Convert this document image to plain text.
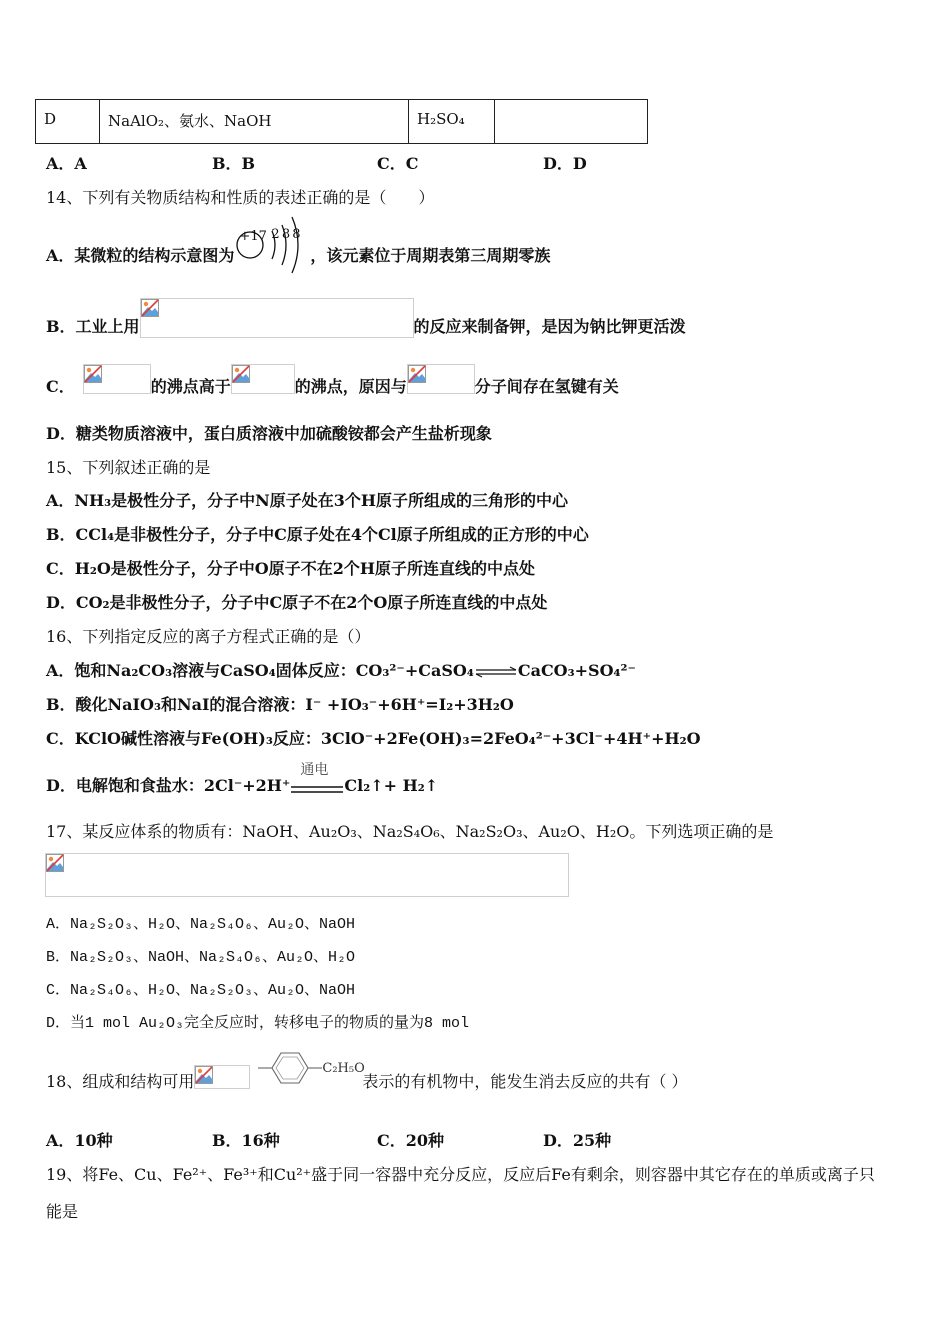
D	NaAlO₂、氨水、NaOH	H₂SO₄	
A．A	B．B	C．C	D．D
14、下列有关物质结构和性质的表述正确的是（　　）
A．某微粒的结构示意图为
+17 2 8 8
，该元素位于周期表第三周期零族
B．工业上用	的反应来制备钾，是因为钠比钾更活泼
C．	的沸点高于	的沸点，原因与	分子间存在氢键有关
D．糖类物质溶液中，蛋白质溶液中加硫酸铵都会产生盐析现象
15、下列叙述正确的是
A．NH₃是极性分子，分子中N原子处在3个H原子所组成的三角形的中心
B．CCl₄是非极性分子，分子中C原子处在4个Cl原子所组成的正方形的中心
C．H₂O是极性分子，分子中O原子不在2个H原子所连直线的中点处
D．CO₂是非极性分子，分子中C原子不在2个O原子所连直线的中点处
16、下列指定反应的离子方程式正确的是（）
A．饱和Na₂CO₃溶液与CaSO₄固体反应：CO₃²⁻+CaSO₄⇌CaCO₃+SO₄²⁻
B．酸化NaIO₃和NaI的混合溶液：I⁻ +IO₃⁻+6H⁺=I₂+3H₂O
C．KClO碱性溶液与Fe(OH)₃反应：3ClO⁻+2Fe(OH)₃=2FeO₄²⁻+3Cl⁻+4H⁺+H₂O
D．电解饱和食盐水：2Cl⁻+2H⁺
通电
Cl₂↑+ H₂↑
17、某反应体系的物质有：NaOH、Au₂O₃、Na₂S₄O₆、Na₂S₂O₃、Au₂O、H₂O。下列选项正确的是
A．Na₂S₂O₃、H₂O、Na₂S₄O₆、Au₂O、NaOH
B．Na₂S₂O₃、NaOH、Na₂S₄O₆、Au₂O、H₂O
C．Na₂S₄O₆、H₂O、Na₂S₂O₃、Au₂O、NaOH
D．当1 mol Au₂O₃完全反应时，转移电子的物质的量为8 mol
18、组成和结构可用
C₂H₅O
表示的有机物中，能发生消去反应的共有（ ）
A．10种	B．16种	C．20种	D．25种
19、将Fe、Cu、Fe²⁺、Fe³⁺和Cu²⁺盛于同一容器中充分反应，反应后Fe有剩余，则容器中其它存在的单质或离子只
能是
